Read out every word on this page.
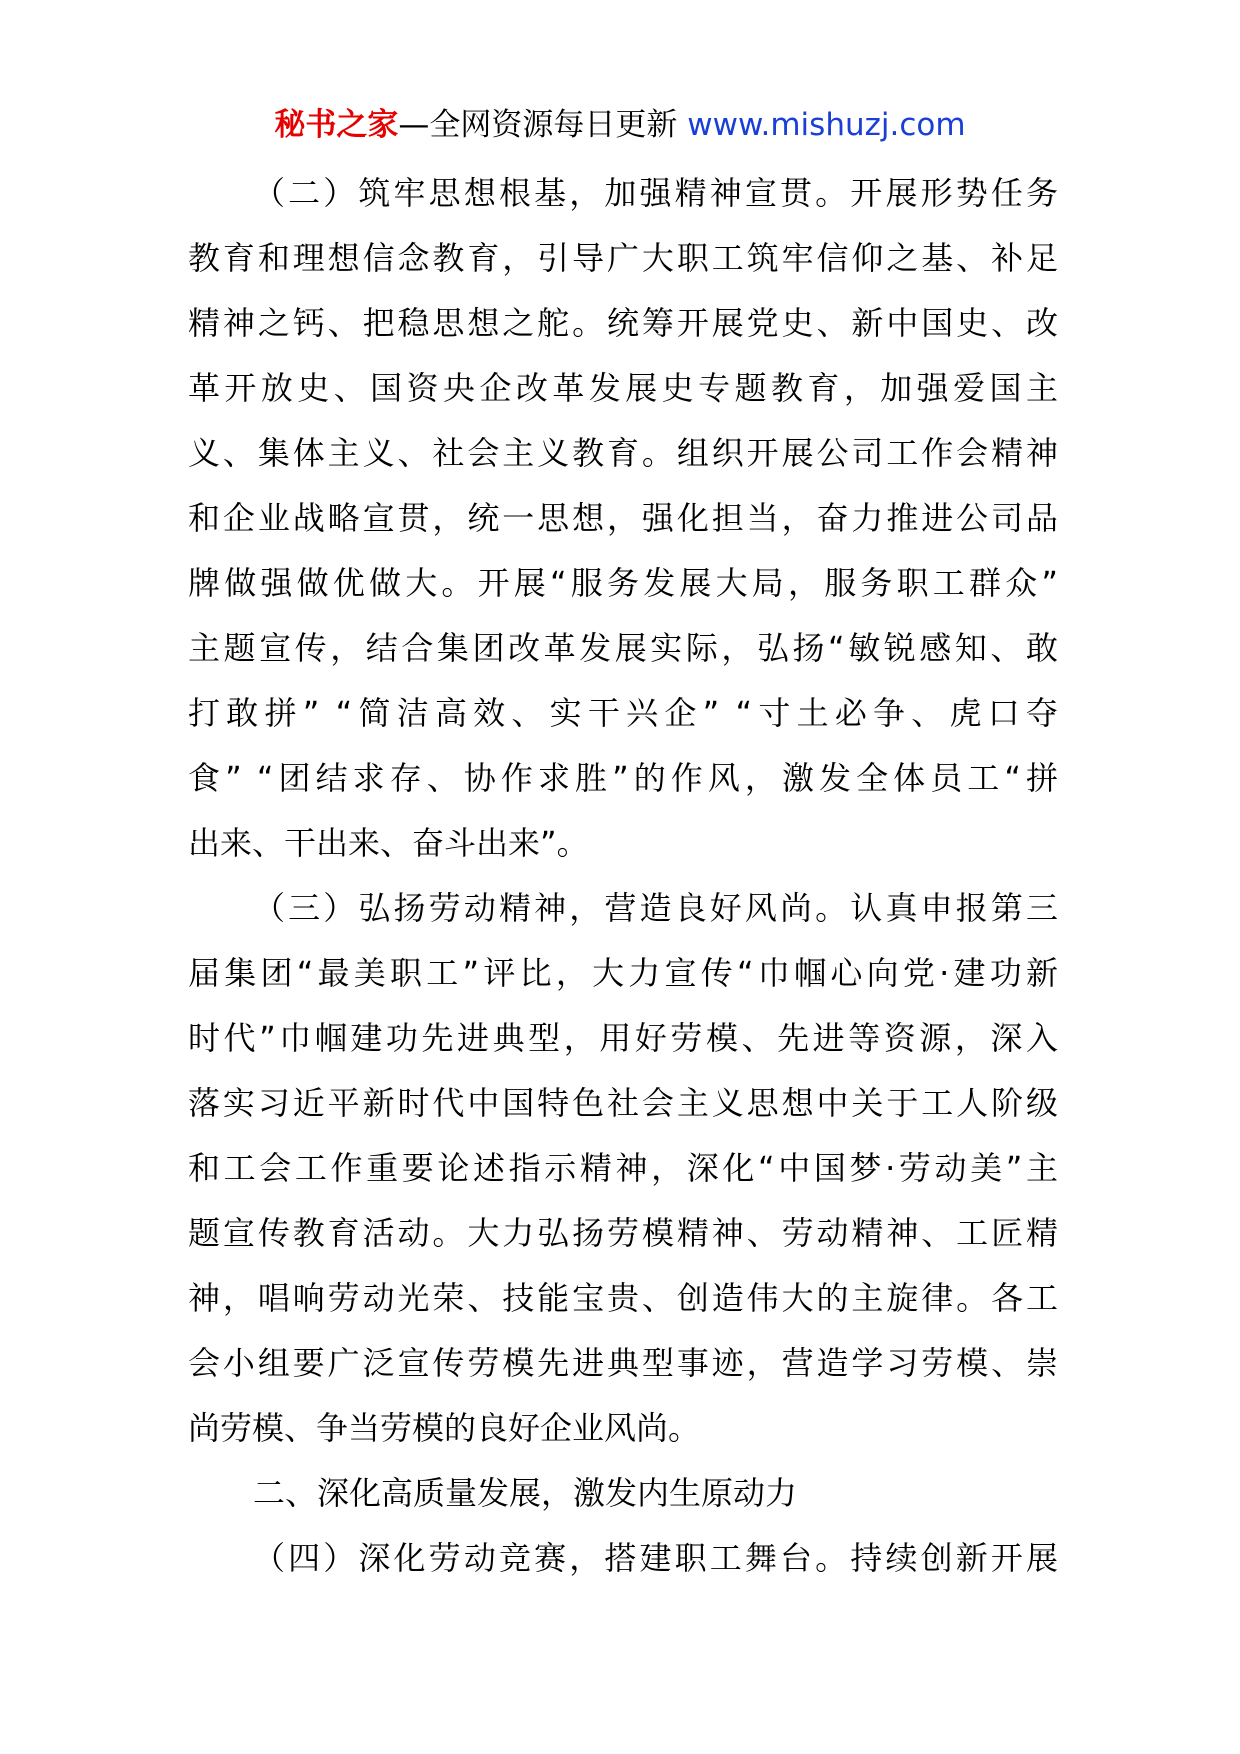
秘书之家—全网资源每日更新 www.mishuzj.com
（二）筑牢思想根基，加强精神宣贯。开展形势任务
教育和理想信念教育，引导广大职工筑牢信仰之基、补足
精神之钙、把稳思想之舵。统筹开展党史、新中国史、改
革开放史、国资央企改革发展史专题教育，加强爱国主
义、集体主义、社会主义教育。组织开展公司工作会精神
和企业战略宣贯，统一思想，强化担当，奋力推进公司品
牌做强做优做大。开展“服务发展大局，服务职工群众”
主题宣传，结合集团改革发展实际，弘扬“敏锐感知、敢
打敢拼” “简洁高效、实干兴企” “寸土必争、虎口夺
食” “团结求存、协作求胜”的作风，激发全体员工“拼
出来、干出来、奋斗出来”。
（三）弘扬劳动精神，营造良好风尚。认真申报第三
届集团“最美职工”评比，大力宣传“巾帼心向党·建功新
时代”巾帼建功先进典型，用好劳模、先进等资源，深入
落实习近平新时代中国特色社会主义思想中关于工人阶级
和工会工作重要论述指示精神，深化“中国梦·劳动美”主
题宣传教育活动。大力弘扬劳模精神、劳动精神、工匠精
神，唱响劳动光荣、技能宝贵、创造伟大的主旋律。各工
会小组要广泛宣传劳模先进典型事迹，营造学习劳模、崇
尚劳模、争当劳模的良好企业风尚。
二、深化高质量发展，激发内生原动力
（四）深化劳动竞赛，搭建职工舞台。持续创新开展
